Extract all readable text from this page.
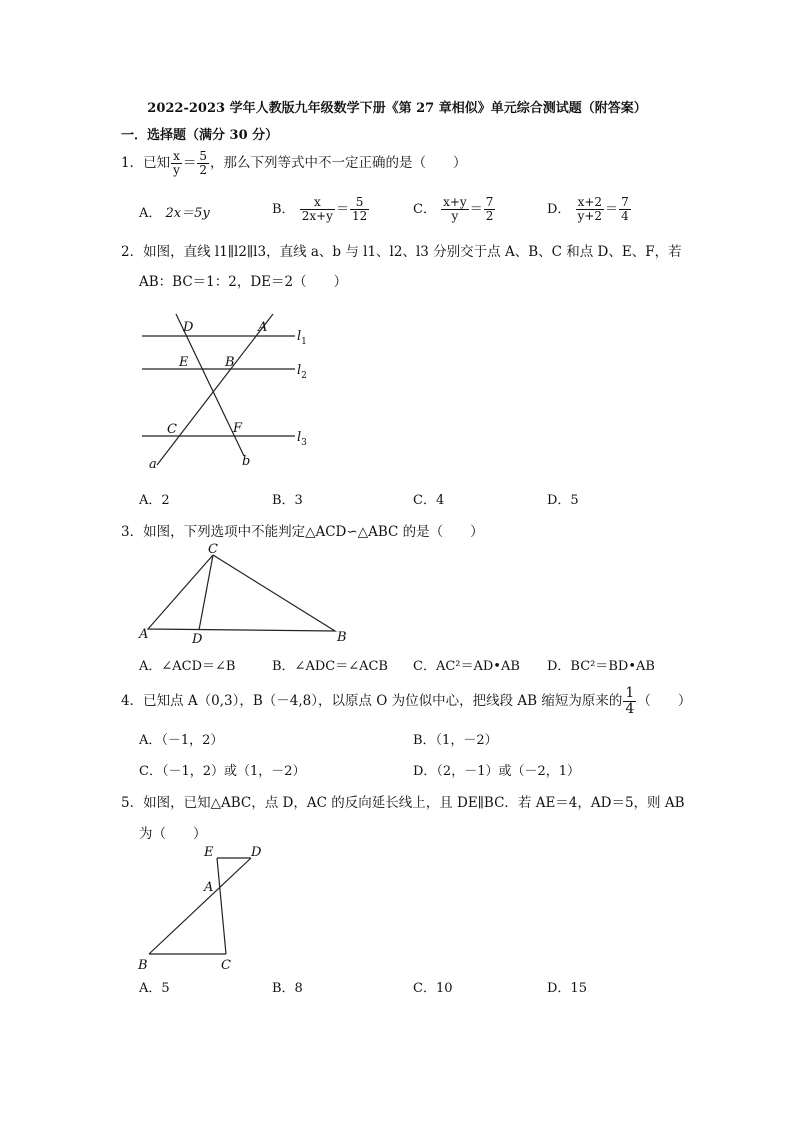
2022-2023 学年人教版九年级数学下册《第 27 章相似》单元综合测试题（附答案）
一．选择题（满分 30 分）
1．已知 $\frac{x}{y} = \frac{5}{2}$ ，那么下列等式中不一定正确的是（　　）
A． 2x＝5y	B． $\frac{x}{2x+y} = \frac{5}{12}$	C． $\frac{x+y}{y} = \frac{7}{2}$	D． $\frac{x+2}{y+2} = \frac{7}{4}$
2．如图，直线 l1∥l2∥l3，直线 a、b 与 l1、l2、l3 分别交于点 A、B、C 和点 D、E、F，若
AB：BC＝1：2，DE＝2（　　）
D	A
E	B
C	F
a	b
$l_1$
$l_2$
$l_3$
A．2	B．3	C．4	D．5
3．如图，下列选项中不能判定△ACD∽△ABC 的是（　　）
C
A	D	B
A．∠ACD＝∠B	B．∠ADC＝∠ACB C．AC²＝AD•AB D．BC²＝BD•AB
4．已知点 A（0,3），B（－4,8），以原点 O 为位似中心，把线段 AB 缩短为原来的 $\frac{1}{4}$ （　　）
A．（－1，2）	B．（1，－2）
C．（－1，2）或（1，－2）	D．（2，－1）或（－2，1）
5．如图，已知△ABC，点 D，AC 的反向延长线上，且 DE∥BC．若 AE＝4，AD＝5，则 AB
为（　　）
E	D
A
B	C
A．5	B．8	C．10	D．15
